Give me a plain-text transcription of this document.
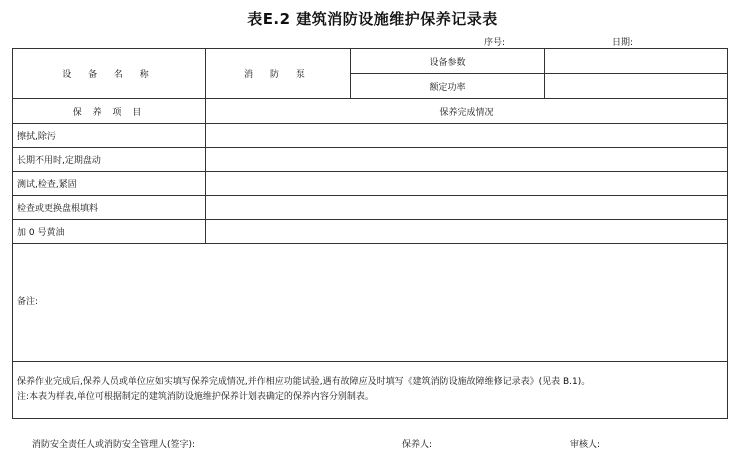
表E.2 建筑消防设施维护保养记录表
序号:	日期:
设 备 名 称	消 防 泵	设备参数	
		额定功率	
保 养 项 目	保养完成情况		
擦拭,除污			
长期不用时,定期盘动			
测试,检查,紧固			
检查或更换盘根填料			
加 0 号黄油			
备注:			

保养作业完成后,保养人员或单位应如实填写保养完成情况,并作相应功能试验,遇有故障应及时填写《建筑消防设施故障维修记录表》(见表 B.1)。
注:本表为样表,单位可根据制定的建筑消防设施维护保养计划表确定的保养内容分别制表。			
消防安全责任人或消防安全管理人(签字):	保养人:	审核人:
